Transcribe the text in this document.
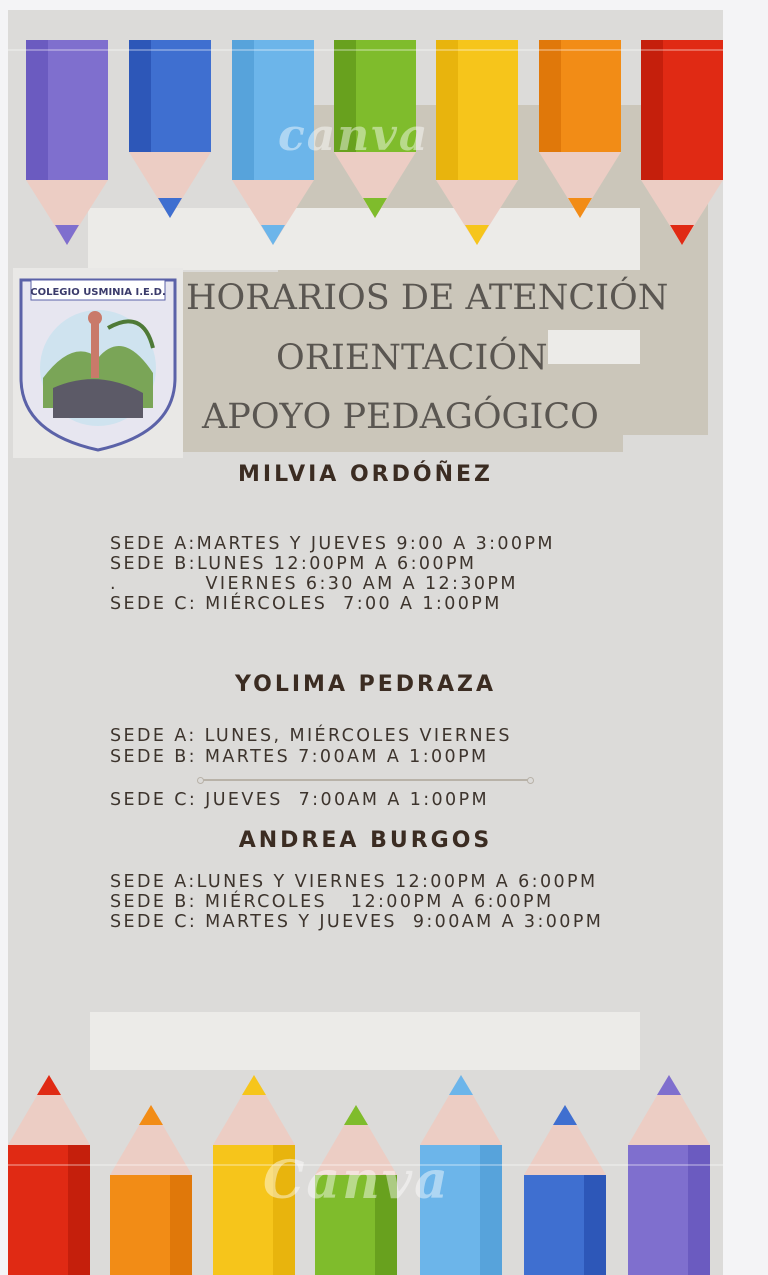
canva
COLEGIO USMINIA I.E.D. HORARIOS DE ATENCIÓN
ORIENTACIÓN
APOYO PEDAGÓGICO
MILVIA ORDÓÑEZ
SEDE A:MARTES Y JUEVES 9:00 A 3:00PM
SEDE B:LUNES 12:00PM A 6:00PM
.           VIERNES 6:30 AM A 12:30PM
SEDE C: MIÉRCOLES  7:00 A 1:00PM
YOLIMA PEDRAZA
SEDE A: LUNES, MIÉRCOLES VIERNES
SEDE B: MARTES 7:00AM A 1:00PM
SEDE C: JUEVES  7:00AM A 1:00PM
ANDREA BURGOS
SEDE A:LUNES Y VIERNES 12:00PM A 6:00PM
SEDE B: MIÉRCOLES   12:00PM A 6:00PM
SEDE C: MARTES Y JUEVES  9:00AM A 3:00PM
Canva
